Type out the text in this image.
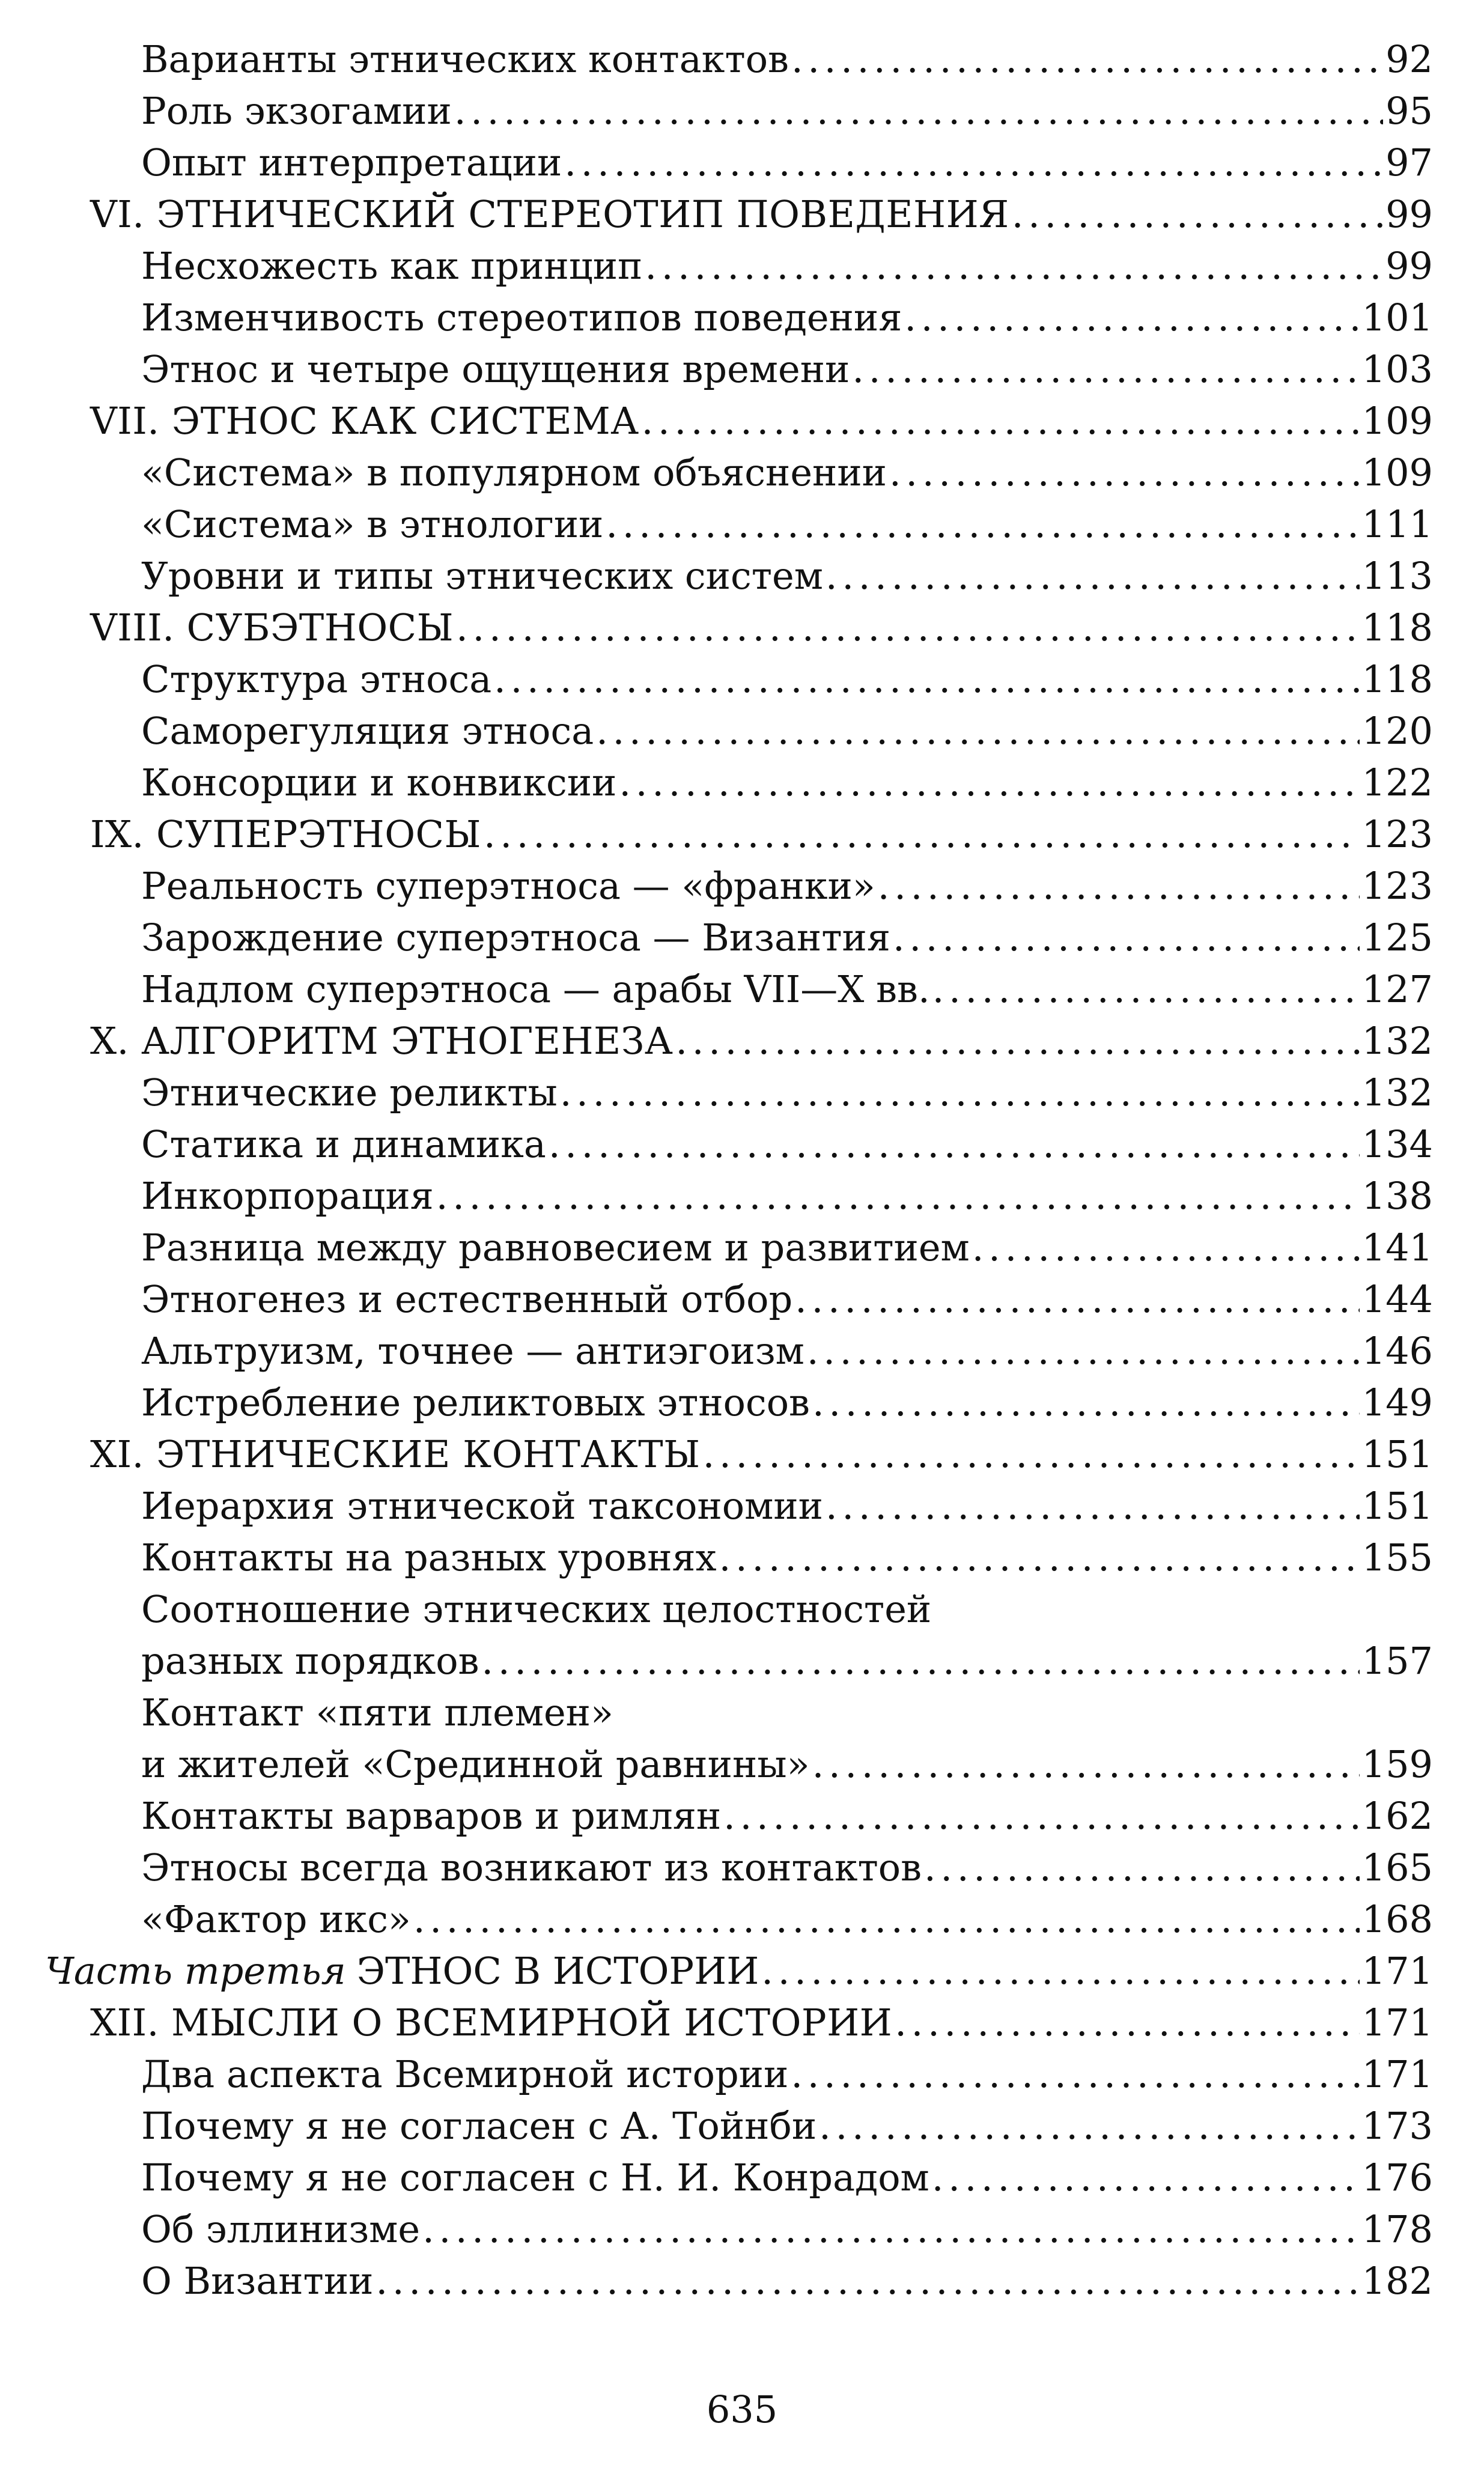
Варианты этнических контактов . . .	92
Роль экзогамии . . .	95
Опыт интерпретации . . .	97
VI. ЭТНИЧЕСКИЙ СТЕРЕОТИП ПОВЕДЕНИЯ . . .	99
Несхожесть как принцип . . .	99
Изменчивость стереотипов поведения . . .	101
Этнос и четыре ощущения времени . . .	103
VII. ЭТНОС КАК СИСТЕМА . . .	109
«Система» в популярном объяснении . . .	109
«Система» в этнологии . . .	111
Уровни и типы этнических систем . . .	113
VIII. СУБЭТНОСЫ . . .	118
Структура этноса . . .	118
Саморегуляция этноса . . .	120
Консорции и конвиксии . . .	122
IX. СУПЕРЭТНОСЫ . . .	123
Реальность суперэтноса — «франки» . . .	123
Зарождение суперэтноса — Византия . . .	125
Надлом суперэтноса — арабы VII—X вв. . . .	127
X. АЛГОРИТМ ЭТНОГЕНЕЗА . . .	132
Этнические реликты . . .	132
Статика и динамика . . .	134
Инкорпорация . . .	138
Разница между равновесием и развитием . . .	141
Этногенез и естественный отбор . . .	144
Альтруизм, точнее — антиэгоизм . . .	146
Истребление реликтовых этносов . . .	149
XI. ЭТНИЧЕСКИЕ КОНТАКТЫ . . .	151
Иерархия этнической таксономии . . .	151
Контакты на разных уровнях . . .	155
Соотношение этнических целостностей
разных порядков . . .	157
Контакт «пяти племен»
и жителей «Срединной равнины» . . .	159
Контакты варваров и римлян . . .	162
Этносы всегда возникают из контактов . . .	165
«Фактор икс» . . .	168
Часть третья ЭТНОС В ИСТОРИИ . . .	171
XII. МЫСЛИ О ВСЕМИРНОЙ ИСТОРИИ . . .	171
Два аспекта Всемирной истории . . .	171
Почему я не согласен с А. Тойнби . . .	173
Почему я не согласен с Н. И. Конрадом . . .	176
Об эллинизме . . .	178
О Византии . . .	182
635
